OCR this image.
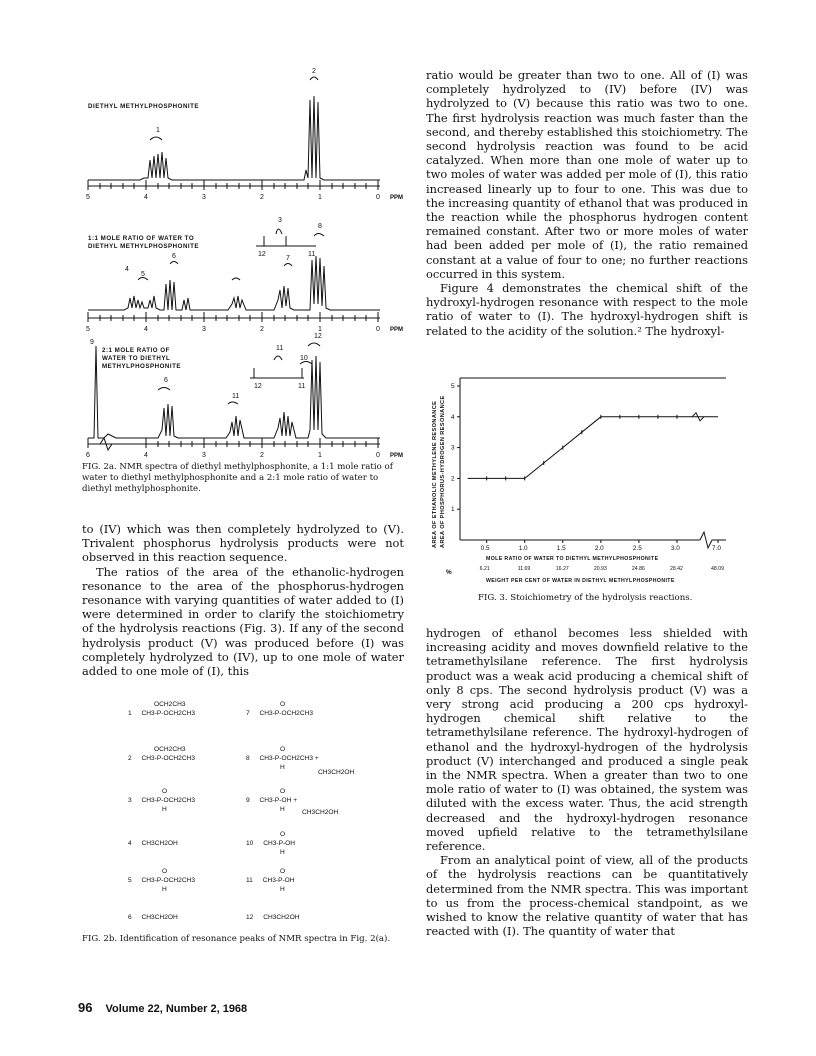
DIETHYL METHYLPHOSPHONITE
1
2
5	4	3	2	1	0 PPM
1:1 MOLE RATIO OF WATER TO
DIETHYL METHYLPHOSPHONITE
3
4
5
6	7
8
12	11
5	4	3	2	1	0 PPM
2:1 MOLE RATIO OF
WATER TO DIETHYL
METHYLPHOSPHONITE
9
6
11
12
12	11
11
10
6	4	3	2	1	0 PPM
FIG. 2a. NMR spectra of diethyl methylphosphonite, a 1:1 mole ratio of water to diethyl methylphosphonite and a 2:1 mole ratio of water to diethyl methylphosphonite.

to (IV) which was then completely hydrolyzed to (V). Trivalent phosphorus hydrolysis products were not observed in this reaction sequence.

The ratios of the area of the ethanolic-hydrogen resonance to the area of the phosphorus-hydrogen resonance with varying quantities of water added to (I) were determined in order to clarify the stoichiometry of the hydrolysis reactions (Fig. 3). If any of the second hydrolysis product (V) was produced before (I) was completely hydrolyzed to (IV), up to one mole of water added to one mole of (I), this

OCH2CH3
1 CH3-P-OCH2CH3
OCH2CH3
2 CH3-P-OCH2CH3
O
3 CH3-P-OCH2CH3
H
4 CH3CH2OH
O
5 CH3-P-OCH2CH3
H
6 CH3CH2OH
O
7 CH3-P-OCH2CH3
O
8 CH3-P-OCH2CH3 +
H
CH3CH2OH
O
9 CH3-P-OH +
H	CH3CH2OH
O
10 CH3-P-OH
H
O
11 CH3-P-OH
H
12 CH3CH2OH
FIG. 2b. Identification of resonance peaks of NMR spectra in Fig. 2(a).

ratio would be greater than two to one. All of (I) was completely hydrolyzed to (IV) before (IV) was hydrolyzed to (V) because this ratio was two to one. The first hydrolysis reaction was much faster than the second, and thereby established this stoichiometry. The second hydrolysis reaction was found to be acid catalyzed. When more than one mole of water up to two moles of water was added per mole of (I), this ratio increased linearly up to four to one. This was due to the increasing quantity of ethanol that was produced in the reaction while the phosphorus hydrogen content remained constant. After two or more moles of water had been added per mole of (I), the ratio remained constant at a value of four to one; no further reactions occurred in this system.

Figure 4 demonstrates the chemical shift of the hydroxyl-hydrogen resonance with respect to the mole ratio of water to (I). The hydroxyl-hydrogen shift is related to the acidity of the solution.² The hydroxyl-

AREA OF ETHANOLIC METHYLENE RESONANCE AREA OF PHOSPHORUS-HYDROGEN RESONANCE 1
2
3
4
5
0.5	1.0	1.5	2.0	2.5	3.0	7.0
6.21	11.69	16.27	20.93	24.86	28.42	48.09
MOLE RATIO OF WATER TO DIETHYL METHYLPHOSPHONITE
%
WEIGHT PER CENT OF WATER IN DIETHYL METHYLPHOSPHONITE
FIG. 3. Stoichiometry of the hydrolysis reactions.

hydrogen of ethanol becomes less shielded with increasing acidity and moves downfield relative to the tetramethylsilane reference. The first hydrolysis product was a weak acid producing a chemical shift of only 8 cps. The second hydrolysis product (V) was a very strong acid producing a 200 cps hydroxyl-hydrogen chemical shift relative to the tetramethylsilane reference. The hydroxyl-hydrogen of ethanol and the hydroxyl-hydrogen of the hydrolysis product (V) interchanged and produced a single peak in the NMR spectra. When a greater than two to one mole ratio of water to (I) was obtained, the system was diluted with the excess water. Thus, the acid strength decreased and the hydroxyl-hydrogen resonance moved upfield relative to the tetramethylsilane reference.

From an analytical point of view, all of the products of the hydrolysis reactions can be quantitatively determined from the NMR spectra. This was important to us from the process-chemical standpoint, as we wished to know the relative quantity of water that has reacted with (I). The quantity of water that

96 Volume 22, Number 2, 1968
